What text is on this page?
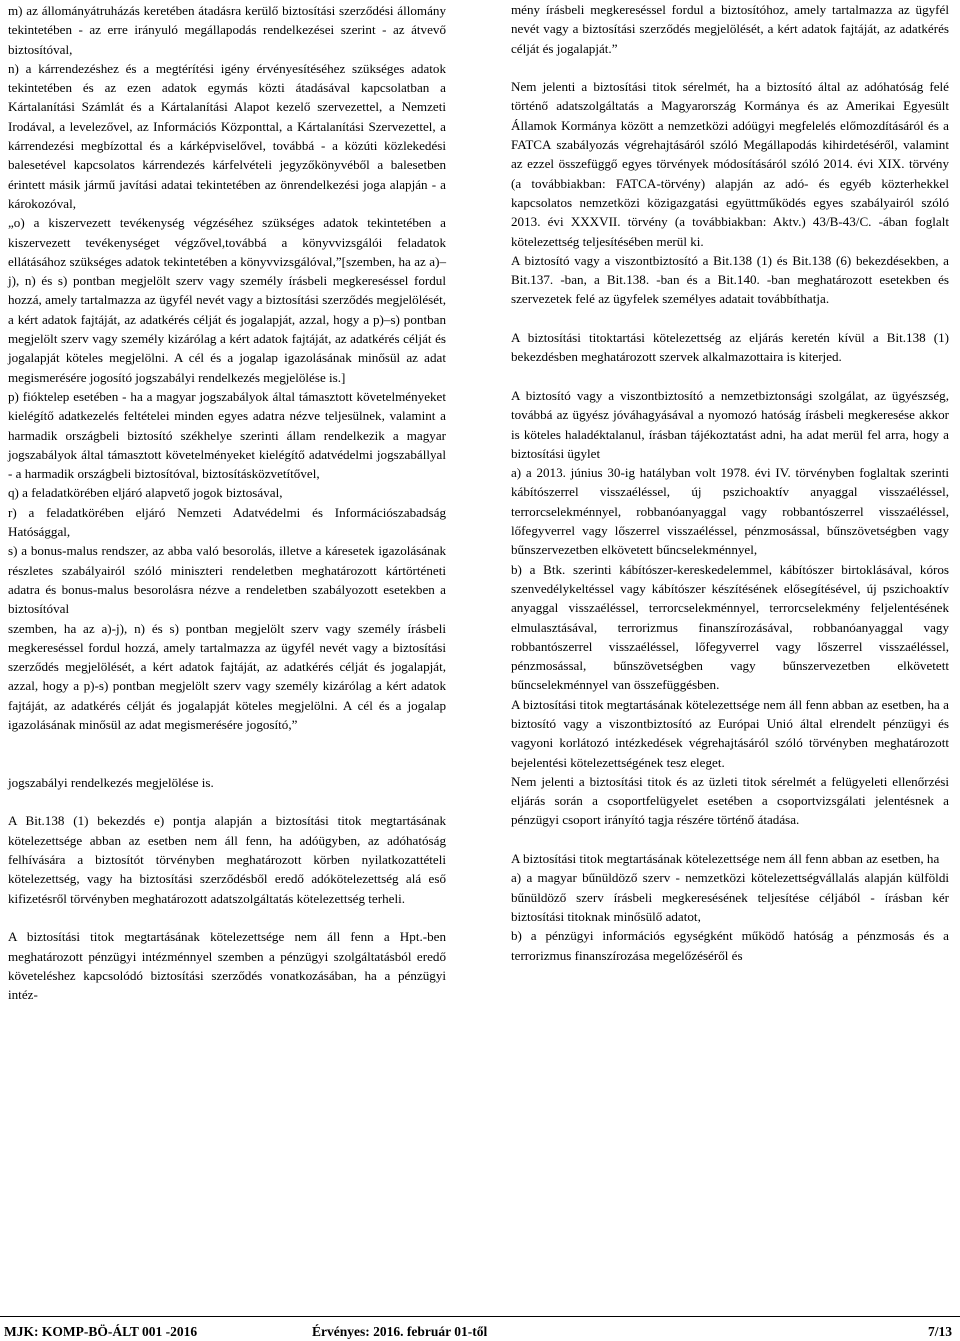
m) az állományátruházás keretében átadásra kerülő biztosítási szerződési állomány tekintetében - az erre irányuló megállapodás rendelkezései szerint - az átvevő biztosítóval,

n) a kárrendezéshez és a megtérítési igény érvényesítéséhez szükséges adatok tekintetében és az ezen adatok egymás közti átadásával kapcsolatban a Kártalanítási Számlát és a Kártalanítási Alapot kezelő szervezettel, a Nemzeti Irodával, a levelezővel, az Információs Központtal, a Kártalanítási Szervezettel, a kárrendezési megbízottal és a kárképviselővel, továbbá - a közúti közlekedési balesetével kapcsolatos kárrendezés kárfelvételi jegyzőkönyvéből a balesetben érintett másik jármű javítási adatai tekintetében az önrendelkezési joga alapján - a károkozóval,

„o) a kiszervezett tevékenység végzéséhez szükséges adatok tekintetében a kiszervezett tevékenységet végzővel,továbbá a könyvvizsgálói feladatok ellátásához szükséges adatok tekintetében a könyvvizsgálóval,”[szemben, ha az a)–j), n) és s) pontban megjelölt szerv vagy személy írásbeli megkereséssel fordul hozzá, amely tartalmazza az ügyfél nevét vagy a biztosítási szerződés megjelölését, a kért adatok fajtáját, az adatkérés célját és jogalapját, azzal, hogy a p)–s) pontban megjelölt szerv vagy személy kizárólag a kért adatok fajtáját, az adatkérés célját és jogalapját köteles megjelölni. A cél és a jogalap igazolásának minősül az adat megismerésére jogosító jogszabályi rendelkezés megjelölése is.]

p) fióktelep esetében - ha a magyar jogszabályok által támasztott követelményeket kielégítő adatkezelés feltételei minden egyes adatra nézve teljesülnek, valamint a harmadik országbeli biztosító székhelye szerinti állam rendelkezik a magyar jogszabályok által támasztott követelményeket kielégítő adatvédelmi jogszabállyal - a harmadik országbeli biztosítóval, biztosításközvetítővel,

q) a feladatkörében eljáró alapvető jogok biztosával,

r) a feladatkörében eljáró Nemzeti Adatvédelmi és Információszabadság Hatósággal,

s) a bonus-malus rendszer, az abba való besorolás, illetve a káresetek igazolásának részletes szabályairól szóló miniszteri rendeletben meghatározott kártörténeti adatra és bonus-malus besorolásra nézve a rendeletben szabályozott esetekben a biztosítóval

szemben, ha az a)-j), n) és s) pontban megjelölt szerv vagy személy írásbeli megkereséssel fordul hozzá, amely tartalmazza az ügyfél nevét vagy a biztosítási szerződés megjelölését, a kért adatok fajtáját, az adatkérés célját és jogalapját, azzal, hogy a p)-s) pontban megjelölt szerv vagy személy kizárólag a kért adatok fajtáját, az adatkérés célját és jogalapját köteles megjelölni. A cél és a jogalap igazolásának minősül az adat megismerésére jogosító,”

jogszabályi rendelkezés megjelölése is.

A Bit.138 (1) bekezdés e) pontja alapján a biztosítási titok megtartásának kötelezettsége abban az esetben nem áll fenn, ha adóügyben, az adóhatóság felhívására a biztosítót törvényben meghatározott körben nyilatkozattételi kötelezettség, vagy ha biztosítási szerződésből eredő adókötelezettség alá eső kifizetésről törvényben meghatározott adatszolgáltatás kötelezettség terheli.

A biztosítási titok megtartásának kötelezettsége nem áll fenn a Hpt.-ben meghatározott pénzügyi intézménnyel szemben a pénzügyi szolgáltatásból eredő követeléshez kapcsolódó biztosítási szerződés vonatkozásában, ha a pénzügyi intéz-

mény írásbeli megkereséssel fordul a biztosítóhoz, amely tartalmazza az ügyfél nevét vagy a biztosítási szerződés megjelölését, a kért adatok fajtáját, az adatkérés célját és jogalapját.”

Nem jelenti a biztosítási titok sérelmét, ha a biztosító által az adóhatóság felé történő adatszolgáltatás a Magyarország Kormánya és az Amerikai Egyesült Államok Kormánya között a nemzetközi adóügyi megfelelés előmozdításáról és a FATCA szabályozás végrehajtásáról szóló Megállapodás kihirdetéséről, valamint az ezzel összefüggő egyes törvények módosításáról szóló 2014. évi XIX. törvény (a továbbiakban: FATCA-törvény) alapján az adó- és egyéb közterhekkel kapcsolatos nemzetközi közigazgatási együttműködés egyes szabályairól szóló 2013. évi XXXVII. törvény (a továbbiakban: Aktv.) 43/B-43/C. -ában foglalt kötelezettség teljesítésében merül ki.

A biztosító vagy a viszontbiztosító a Bit.138 (1) és Bit.138 (6) bekezdésekben, a Bit.137. -ban, a Bit.138. -ban és a Bit.140. -ban meghatározott esetekben és szervezetek felé az ügyfelek személyes adatait továbbíthatja.

A biztosítási titoktartási kötelezettség az eljárás keretén kívül a Bit.138 (1) bekezdésben meghatározott szervek alkalmazottaira is kiterjed.

A biztosító vagy a viszontbiztosító a nemzetbiztonsági szolgálat, az ügyészség, továbbá az ügyész jóváhagyásával a nyomozó hatóság írásbeli megkeresése akkor is köteles haladéktalanul, írásban tájékoztatást adni, ha adat merül fel arra, hogy a biztosítási ügylet

a) a 2013. június 30-ig hatályban volt 1978. évi IV. törvényben foglaltak szerinti kábítószerrel visszaéléssel, új pszichoaktív anyaggal visszaéléssel, terrorcselekménnyel, robbanóanyaggal vagy robbantószerrel visszaéléssel, lőfegyverrel vagy lőszerrel visszaéléssel, pénzmosással, bűnszövetségben vagy bűnszervezetben elkövetett bűncselekménnyel,

b) a Btk. szerinti kábítószer-kereskedelemmel, kábítószer birtoklásával, kóros szenvedélykeltéssel vagy kábítószer készítésének elősegítésével, új pszichoaktív anyaggal visszaéléssel, terrorcselekménnyel, terrorcselekmény feljelentésének elmulasztásával, terrorizmus finanszírozásával, robbanóanyaggal vagy robbantószerrel visszaéléssel, lőfegyverrel vagy lőszerrel visszaéléssel, pénzmosással, bűnszövetségben vagy bűnszervezetben elkövetett bűncselekménnyel van összefüggésben.

A biztosítási titok megtartásának kötelezettsége nem áll fenn abban az esetben, ha a biztosító vagy a viszontbiztosító az Európai Unió által elrendelt pénzügyi és vagyoni korlátozó intézkedések végrehajtásáról szóló törvényben meghatározott bejelentési kötelezettségének tesz eleget.

Nem jelenti a biztosítási titok és az üzleti titok sérelmét a felügyeleti ellenőrzési eljárás során a csoportfelügyelet esetében a csoportvizsgálati jelentésnek a pénzügyi csoport irányító tagja részére történő átadása.

A biztosítási titok megtartásának kötelezettsége nem áll fenn abban az esetben, ha

a) a magyar bűnüldöző szerv - nemzetközi kötelezettségvállalás alapján külföldi bűnüldöző szerv írásbeli megkeresésének teljesítése céljából - írásban kér biztosítási titoknak minősülő adatot,

b) a pénzügyi információs egységként működő hatóság a pénzmosás és a terrorizmus finanszírozása megelőzéséről és

MJK: KOMP-BÖ-ÁLT 001 -2016	Érvényes: 2016. február 01-től	7/13
